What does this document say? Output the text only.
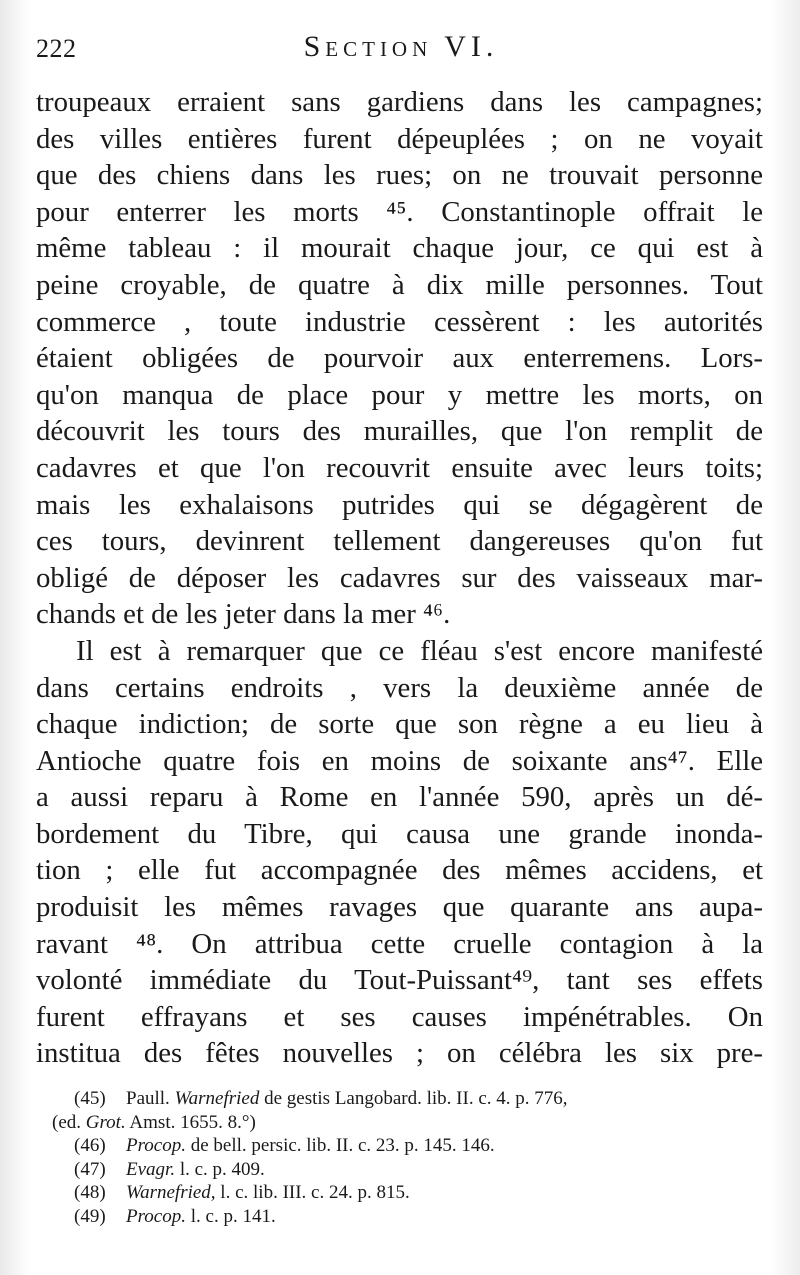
222	Section VI.
troupeaux erraient sans gardiens dans les campagnes;
des villes entières furent dépeuplées ; on ne voyait
que des chiens dans les rues; on ne trouvait personne
pour enterrer les morts ⁴⁵. Constantinople offrait le
même tableau : il mourait chaque jour, ce qui est à
peine croyable, de quatre à dix mille personnes. Tout
commerce , toute industrie cessèrent : les autorités
étaient obligées de pourvoir aux enterremens. Lors-
qu'on manqua de place pour y mettre les morts, on
découvrit les tours des murailles, que l'on remplit de
cadavres et que l'on recouvrit ensuite avec leurs toits;
mais les exhalaisons putrides qui se dégagèrent de
ces tours, devinrent tellement dangereuses qu'on fut
obligé de déposer les cadavres sur des vaisseaux mar-
chands et de les jeter dans la mer ⁴⁶.
Il est à remarquer que ce fléau s'est encore manifesté
dans certains endroits , vers la deuxième année de
chaque indiction; de sorte que son règne a eu lieu à
Antioche quatre fois en moins de soixante ans⁴⁷. Elle
a aussi reparu à Rome en l'année 590, après un dé-
bordement du Tibre, qui causa une grande inonda-
tion ; elle fut accompagnée des mêmes accidens, et
produisit les mêmes ravages que quarante ans aupa-
ravant ⁴⁸. On attribua cette cruelle contagion à la
volonté immédiate du Tout-Puissant⁴⁹, tant ses effets
furent effrayans et ses causes impénétrables. On
institua des fêtes nouvelles ; on célébra les six pre-
(45) Paull. Warnefried de gestis Langobard. lib. II. c. 4. p. 776,
(ed. Grot. Amst. 1655. 8.°)
(46) Procop. de bell. persic. lib. II. c. 23. p. 145. 146.
(47) Evagr. l. c. p. 409.
(48) Warnefried, l. c. lib. III. c. 24. p. 815.
(49) Procop. l. c. p. 141.
